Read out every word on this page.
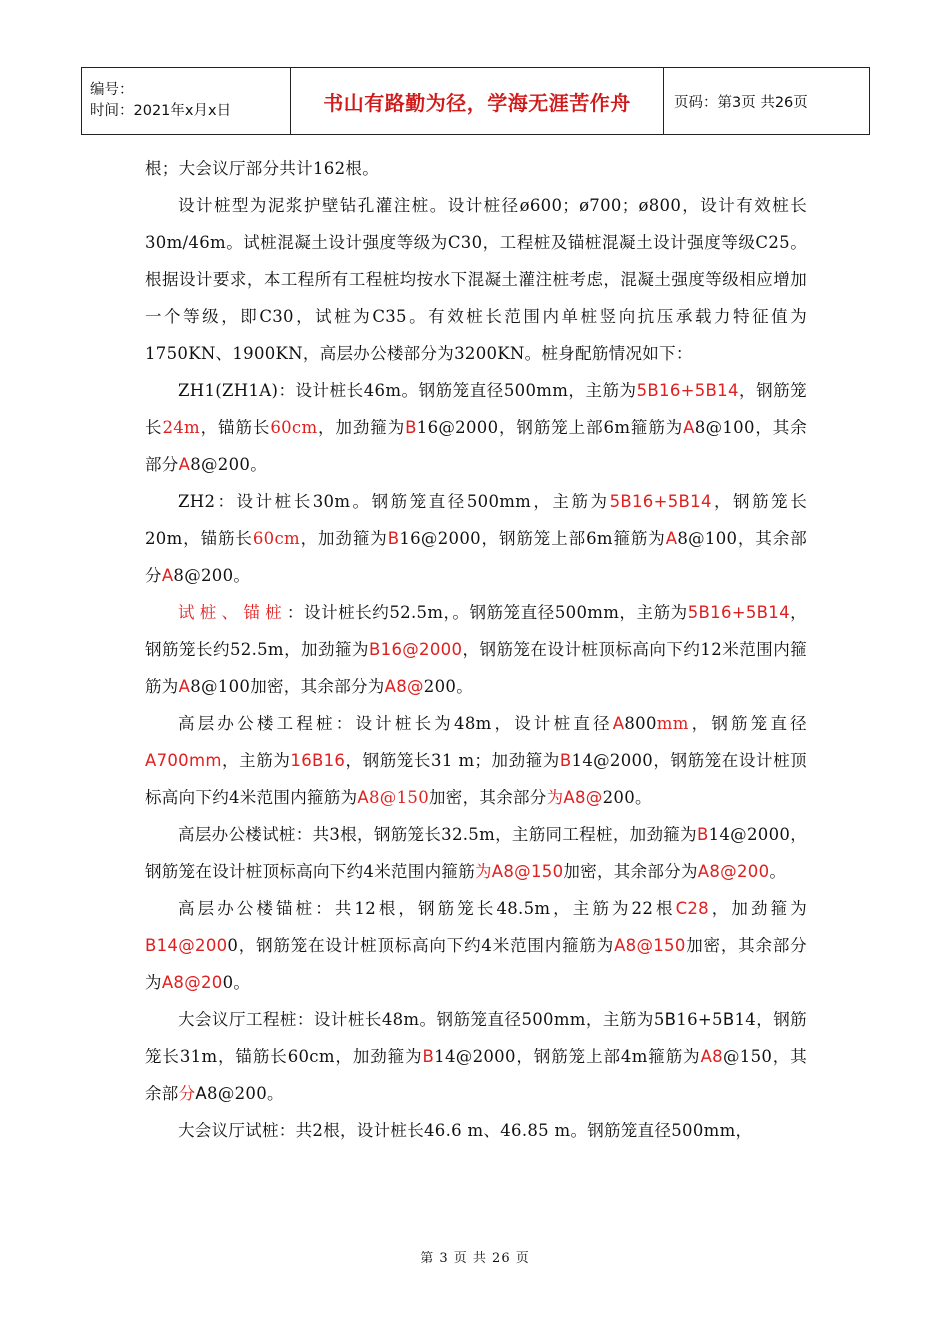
编号：
时间：2021年x月x日	书山有路勤为径，学海无涯苦作舟	页码：第3页 共26页

根；大会议厅部分共计162根。

设计桩型为泥浆护壁钻孔灌注桩。设计桩径ø600；ø700；ø800，设计有效桩长30m/46m。试桩混凝土设计强度等级为C30，工程桩及锚桩混凝土设计强度等级C25。根据设计要求，本工程所有工程桩均按水下混凝土灌注桩考虑，混凝土强度等级相应增加一个等级，即C30，试桩为C35。有效桩长范围内单桩竖向抗压承载力特征值为1750KN、1900KN，高层办公楼部分为3200KN。桩身配筋情况如下：

ZH1(ZH1A)：设计桩长46m。钢筋笼直径500mm，主筋为5B16+5B14，钢筋笼长24m，锚筋长60cm，加劲箍为B16@2000，钢筋笼上部6m箍筋为A8@100，其余部分A8@200。

ZH2：设计桩长30m。钢筋笼直径500mm，主筋为5B16+5B14，钢筋笼长20m，锚筋长60cm，加劲箍为B16@2000，钢筋笼上部6m箍筋为A8@100，其余部分A8@200。

试桩、锚桩：设计桩长约52.5m，。钢筋笼直径500mm，主筋为5B16+5B14，钢筋笼长约52.5m，加劲箍为B16@2000，钢筋笼在设计桩顶标高向下约12米范围内箍筋为A8@100加密，其余部分为A8@200。

高层办公楼工程桩：设计桩长为48m，设计桩直径A800mm，钢筋笼直径A700mm，主筋为16B16，钢筋笼长31 m；加劲箍为B14@2000，钢筋笼在设计桩顶标高向下约4米范围内箍筋为A8@150加密，其余部分为A8@200。

高层办公楼试桩：共3根，钢筋笼长32.5m，主筋同工程桩，加劲箍为B14@2000，钢筋笼在设计桩顶标高向下约4米范围内箍筋为A8@150加密，其余部分为A8@200。

高层办公楼锚桩：共12根，钢筋笼长48.5m，主筋为22根C28，加劲箍为B14@2000，钢筋笼在设计桩顶标高向下约4米范围内箍筋为A8@150加密，其余部分为A8@200。

大会议厅工程桩：设计桩长48m。钢筋笼直径500mm，主筋为5B16+5B14，钢筋笼长31m，锚筋长60cm，加劲箍为B14@2000，钢筋笼上部4m箍筋为A8@150，其余部分A8@200。

大会议厅试桩：共2根，设计桩长46.6 m、46.85 m。钢筋笼直径500mm，

第 3 页 共 26 页
